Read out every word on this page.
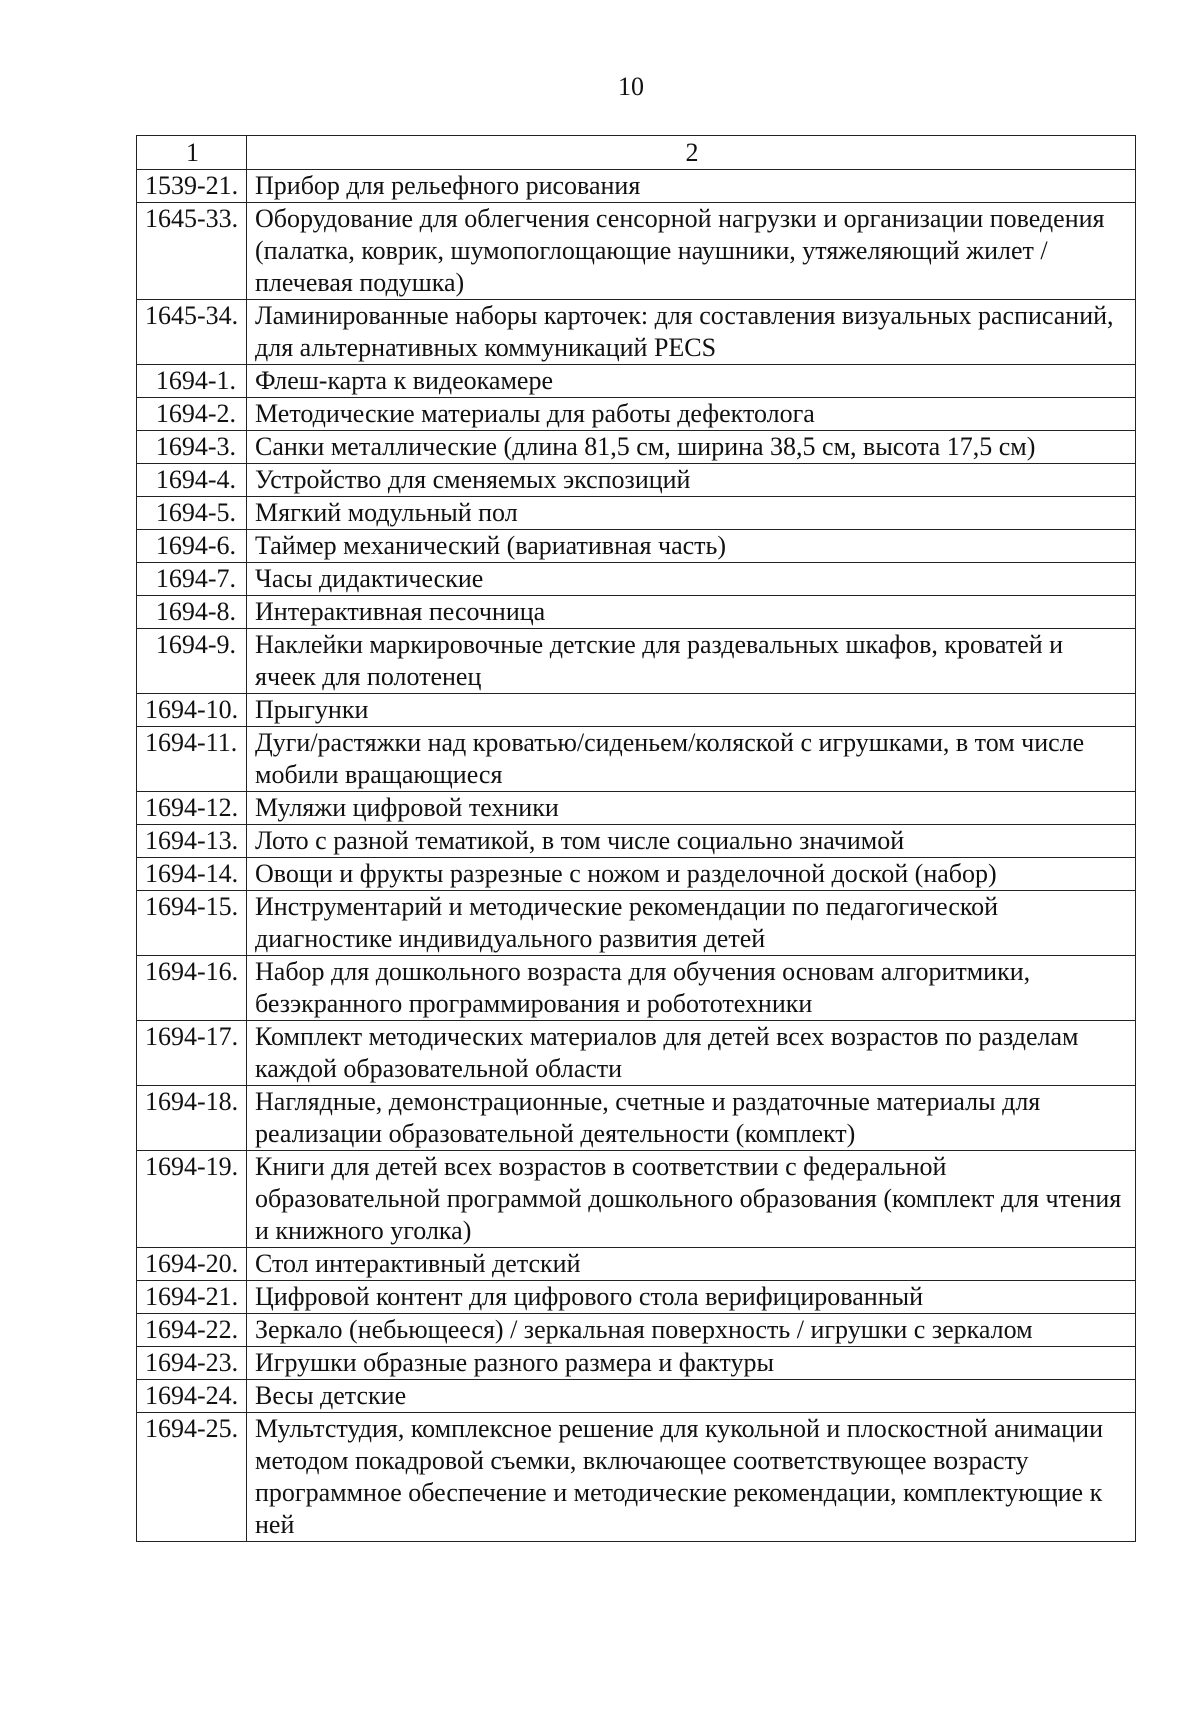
10
1	2
1539-21.	Прибор для рельефного рисования
1645-33.	Оборудование для облегчения сенсорной нагрузки и организации поведения (палатка, коврик, шумопоглощающие наушники, утяжеляющий жилет / плечевая подушка)
1645-34.	Ламинированные наборы карточек: для составления визуальных расписаний, для альтернативных коммуникаций PECS
1694-1.	Флеш-карта к видеокамере
1694-2.	Методические материалы для работы дефектолога
1694-3.	Санки металлические (длина 81,5 см, ширина 38,5 см, высота 17,5 см)
1694-4.	Устройство для сменяемых экспозиций
1694-5.	Мягкий модульный пол
1694-6.	Таймер механический (вариативная часть)
1694-7.	Часы дидактические
1694-8.	Интерактивная песочница
1694-9.	Наклейки маркировочные детские для раздевальных шкафов, кроватей и ячеек для полотенец
1694-10.	Прыгунки
1694-11.	Дуги/растяжки над кроватью/сиденьем/коляской с игрушками, в том числе мобили вращающиеся
1694-12.	Муляжи цифровой техники
1694-13.	Лото с разной тематикой, в том числе социально значимой
1694-14.	Овощи и фрукты разрезные с ножом и разделочной доской (набор)
1694-15.	Инструментарий и методические рекомендации по педагогической диагностике индивидуального развития детей
1694-16.	Набор для дошкольного возраста для обучения основам алгоритмики, безэкранного программирования и робототехники
1694-17.	Комплект методических материалов для детей всех возрастов по разделам каждой образовательной области
1694-18.	Наглядные, демонстрационные, счетные и раздаточные материалы для реализации образовательной деятельности (комплект)
1694-19.	Книги для детей всех возрастов в соответствии с федеральной образовательной программой дошкольного образования (комплект для чтения и книжного уголка)
1694-20.	Стол интерактивный детский
1694-21.	Цифровой контент для цифрового стола верифицированный
1694-22.	Зеркало (небьющееся) / зеркальная поверхность / игрушки с зеркалом
1694-23.	Игрушки образные разного размера и фактуры
1694-24.	Весы детские
1694-25.	Мультстудия, комплексное решение для кукольной и плоскостной анимации методом покадровой съемки, включающее соответствующее возрасту программное обеспечение и методические рекомендации, комплектующие к ней
